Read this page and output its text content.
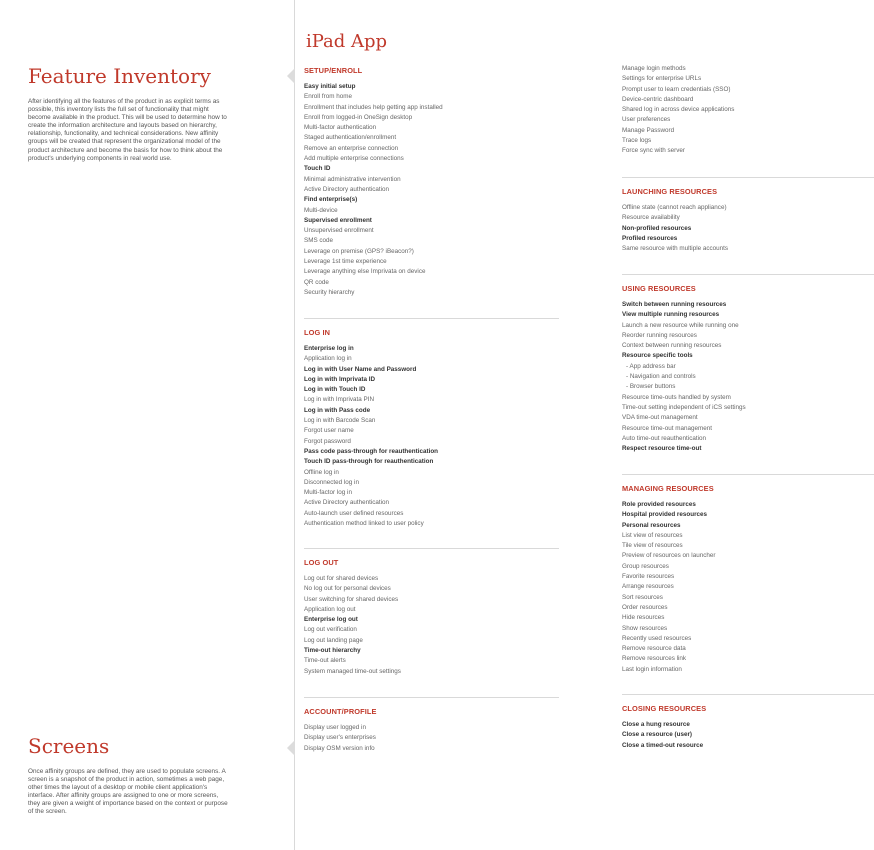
Feature Inventory

After identifying all the features of the product in as explicit terms as possible, this inventory lists the full set of functionality that might become available in the product. This will be used to determine how to create the information architecture and layouts based on hierarchy, relationship, functionality, and technical considerations. New affinity groups will be created that represent the organizational model of the product architecture and become the basis for how to think about the product's underlying components in real world use.

Screens

Once affinity groups are defined, they are used to populate screens. A screen is a snapshot of the product in action, sometimes a web page, other times the layout of a desktop or mobile client application's interface. After affinity groups are assigned to one or more screens, they are given a weight of importance based on the context or purpose of the screen.

iPad App
SETUP/ENROLL
Easy initial setup
Enroll from home
Enrollment that includes help getting app installed
Enroll from logged-in OneSign desktop
Multi-factor authentication
Staged authentication/enrollment
Remove an enterprise connection
Add multiple enterprise connections
Touch ID
Minimal administrative intervention
Active Directory authentication
Find enterprise(s)
Multi-device
Supervised enrollment
Unsupervised enrollment
SMS code
Leverage on premise (GPS? iBeacon?)
Leverage 1st time experience
Leverage anything else Imprivata on device
QR code
Security hierarchy
LOG IN
Enterprise log in
Application log in
Log in with User Name and Password
Log in with Imprivata ID
Log in with Touch ID
Log in with Imprivata PIN
Log in with Pass code
Log in with Barcode Scan
Forgot user name
Forgot password
Pass code pass-through for reauthentication
Touch ID pass-through for reauthentication
Offline log in
Disconnected log in
Multi-factor log in
Active Directory authentication
Auto-launch user defined resources
Authentication method linked to user policy
LOG OUT
Log out for shared devices
No log out for personal devices
User switching for shared devices
Application log out
Enterprise log out
Log out verification
Log out landing page
Time-out hierarchy
Time-out alerts
System managed time-out settings
ACCOUNT/PROFILE
Display user logged in
Display user's enterprises
Display OSM version info
Manage login methods
Settings for enterprise URLs
Prompt user to learn credentials (SSO)
Device-centric dashboard
Shared log in across device applications
User preferences
Manage Password
Trace logs
Force sync with server
LAUNCHING RESOURCES
Offline state (cannot reach appliance)
Resource availability
Non-profiled resources
Profiled resources
Same resource with multiple accounts
USING RESOURCES
Switch between running resources
View multiple running resources
Launch a new resource while running one
Reorder running resources
Context between running resources
Resource specific tools
- App address bar
- Navigation and controls
- Browser buttons
Resource time-outs handled by system
Time-out setting independent of iCS settings
VDA time-out management
Resource time-out management
Auto time-out reauthentication
Respect resource time-out
MANAGING RESOURCES
Role provided resources
Hospital provided resources
Personal resources
List view of resources
Tile view of resources
Preview of resources on launcher
Group resources
Favorite resources
Arrange resources
Sort resources
Order resources
Hide resources
Show resources
Recently used resources
Remove resource data
Remove resources link
Last login information
CLOSING RESOURCES
Close a hung resource
Close a resource (user)
Close a timed-out resource
